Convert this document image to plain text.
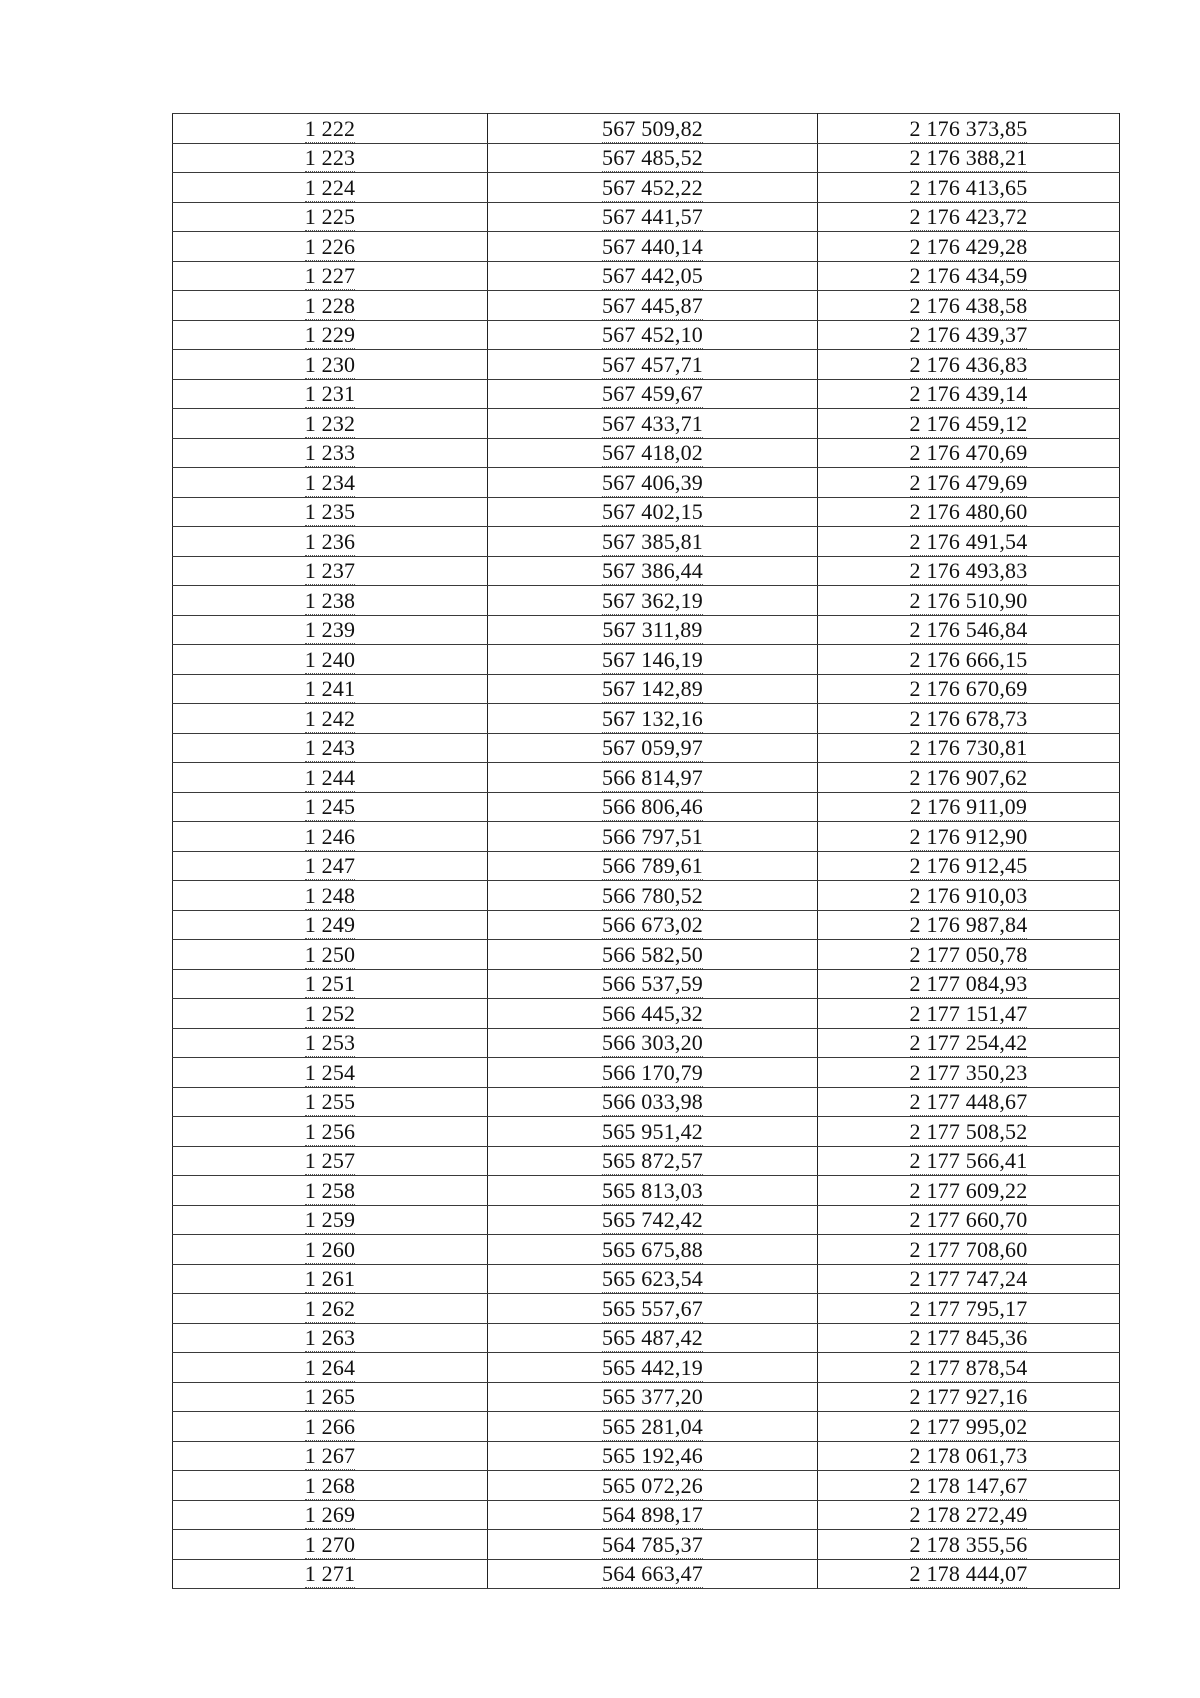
1 222	567 509,82	2 176 373,85
1 223	567 485,52	2 176 388,21
1 224	567 452,22	2 176 413,65
1 225	567 441,57	2 176 423,72
1 226	567 440,14	2 176 429,28
1 227	567 442,05	2 176 434,59
1 228	567 445,87	2 176 438,58
1 229	567 452,10	2 176 439,37
1 230	567 457,71	2 176 436,83
1 231	567 459,67	2 176 439,14
1 232	567 433,71	2 176 459,12
1 233	567 418,02	2 176 470,69
1 234	567 406,39	2 176 479,69
1 235	567 402,15	2 176 480,60
1 236	567 385,81	2 176 491,54
1 237	567 386,44	2 176 493,83
1 238	567 362,19	2 176 510,90
1 239	567 311,89	2 176 546,84
1 240	567 146,19	2 176 666,15
1 241	567 142,89	2 176 670,69
1 242	567 132,16	2 176 678,73
1 243	567 059,97	2 176 730,81
1 244	566 814,97	2 176 907,62
1 245	566 806,46	2 176 911,09
1 246	566 797,51	2 176 912,90
1 247	566 789,61	2 176 912,45
1 248	566 780,52	2 176 910,03
1 249	566 673,02	2 176 987,84
1 250	566 582,50	2 177 050,78
1 251	566 537,59	2 177 084,93
1 252	566 445,32	2 177 151,47
1 253	566 303,20	2 177 254,42
1 254	566 170,79	2 177 350,23
1 255	566 033,98	2 177 448,67
1 256	565 951,42	2 177 508,52
1 257	565 872,57	2 177 566,41
1 258	565 813,03	2 177 609,22
1 259	565 742,42	2 177 660,70
1 260	565 675,88	2 177 708,60
1 261	565 623,54	2 177 747,24
1 262	565 557,67	2 177 795,17
1 263	565 487,42	2 177 845,36
1 264	565 442,19	2 177 878,54
1 265	565 377,20	2 177 927,16
1 266	565 281,04	2 177 995,02
1 267	565 192,46	2 178 061,73
1 268	565 072,26	2 178 147,67
1 269	564 898,17	2 178 272,49
1 270	564 785,37	2 178 355,56
1 271	564 663,47	2 178 444,07
